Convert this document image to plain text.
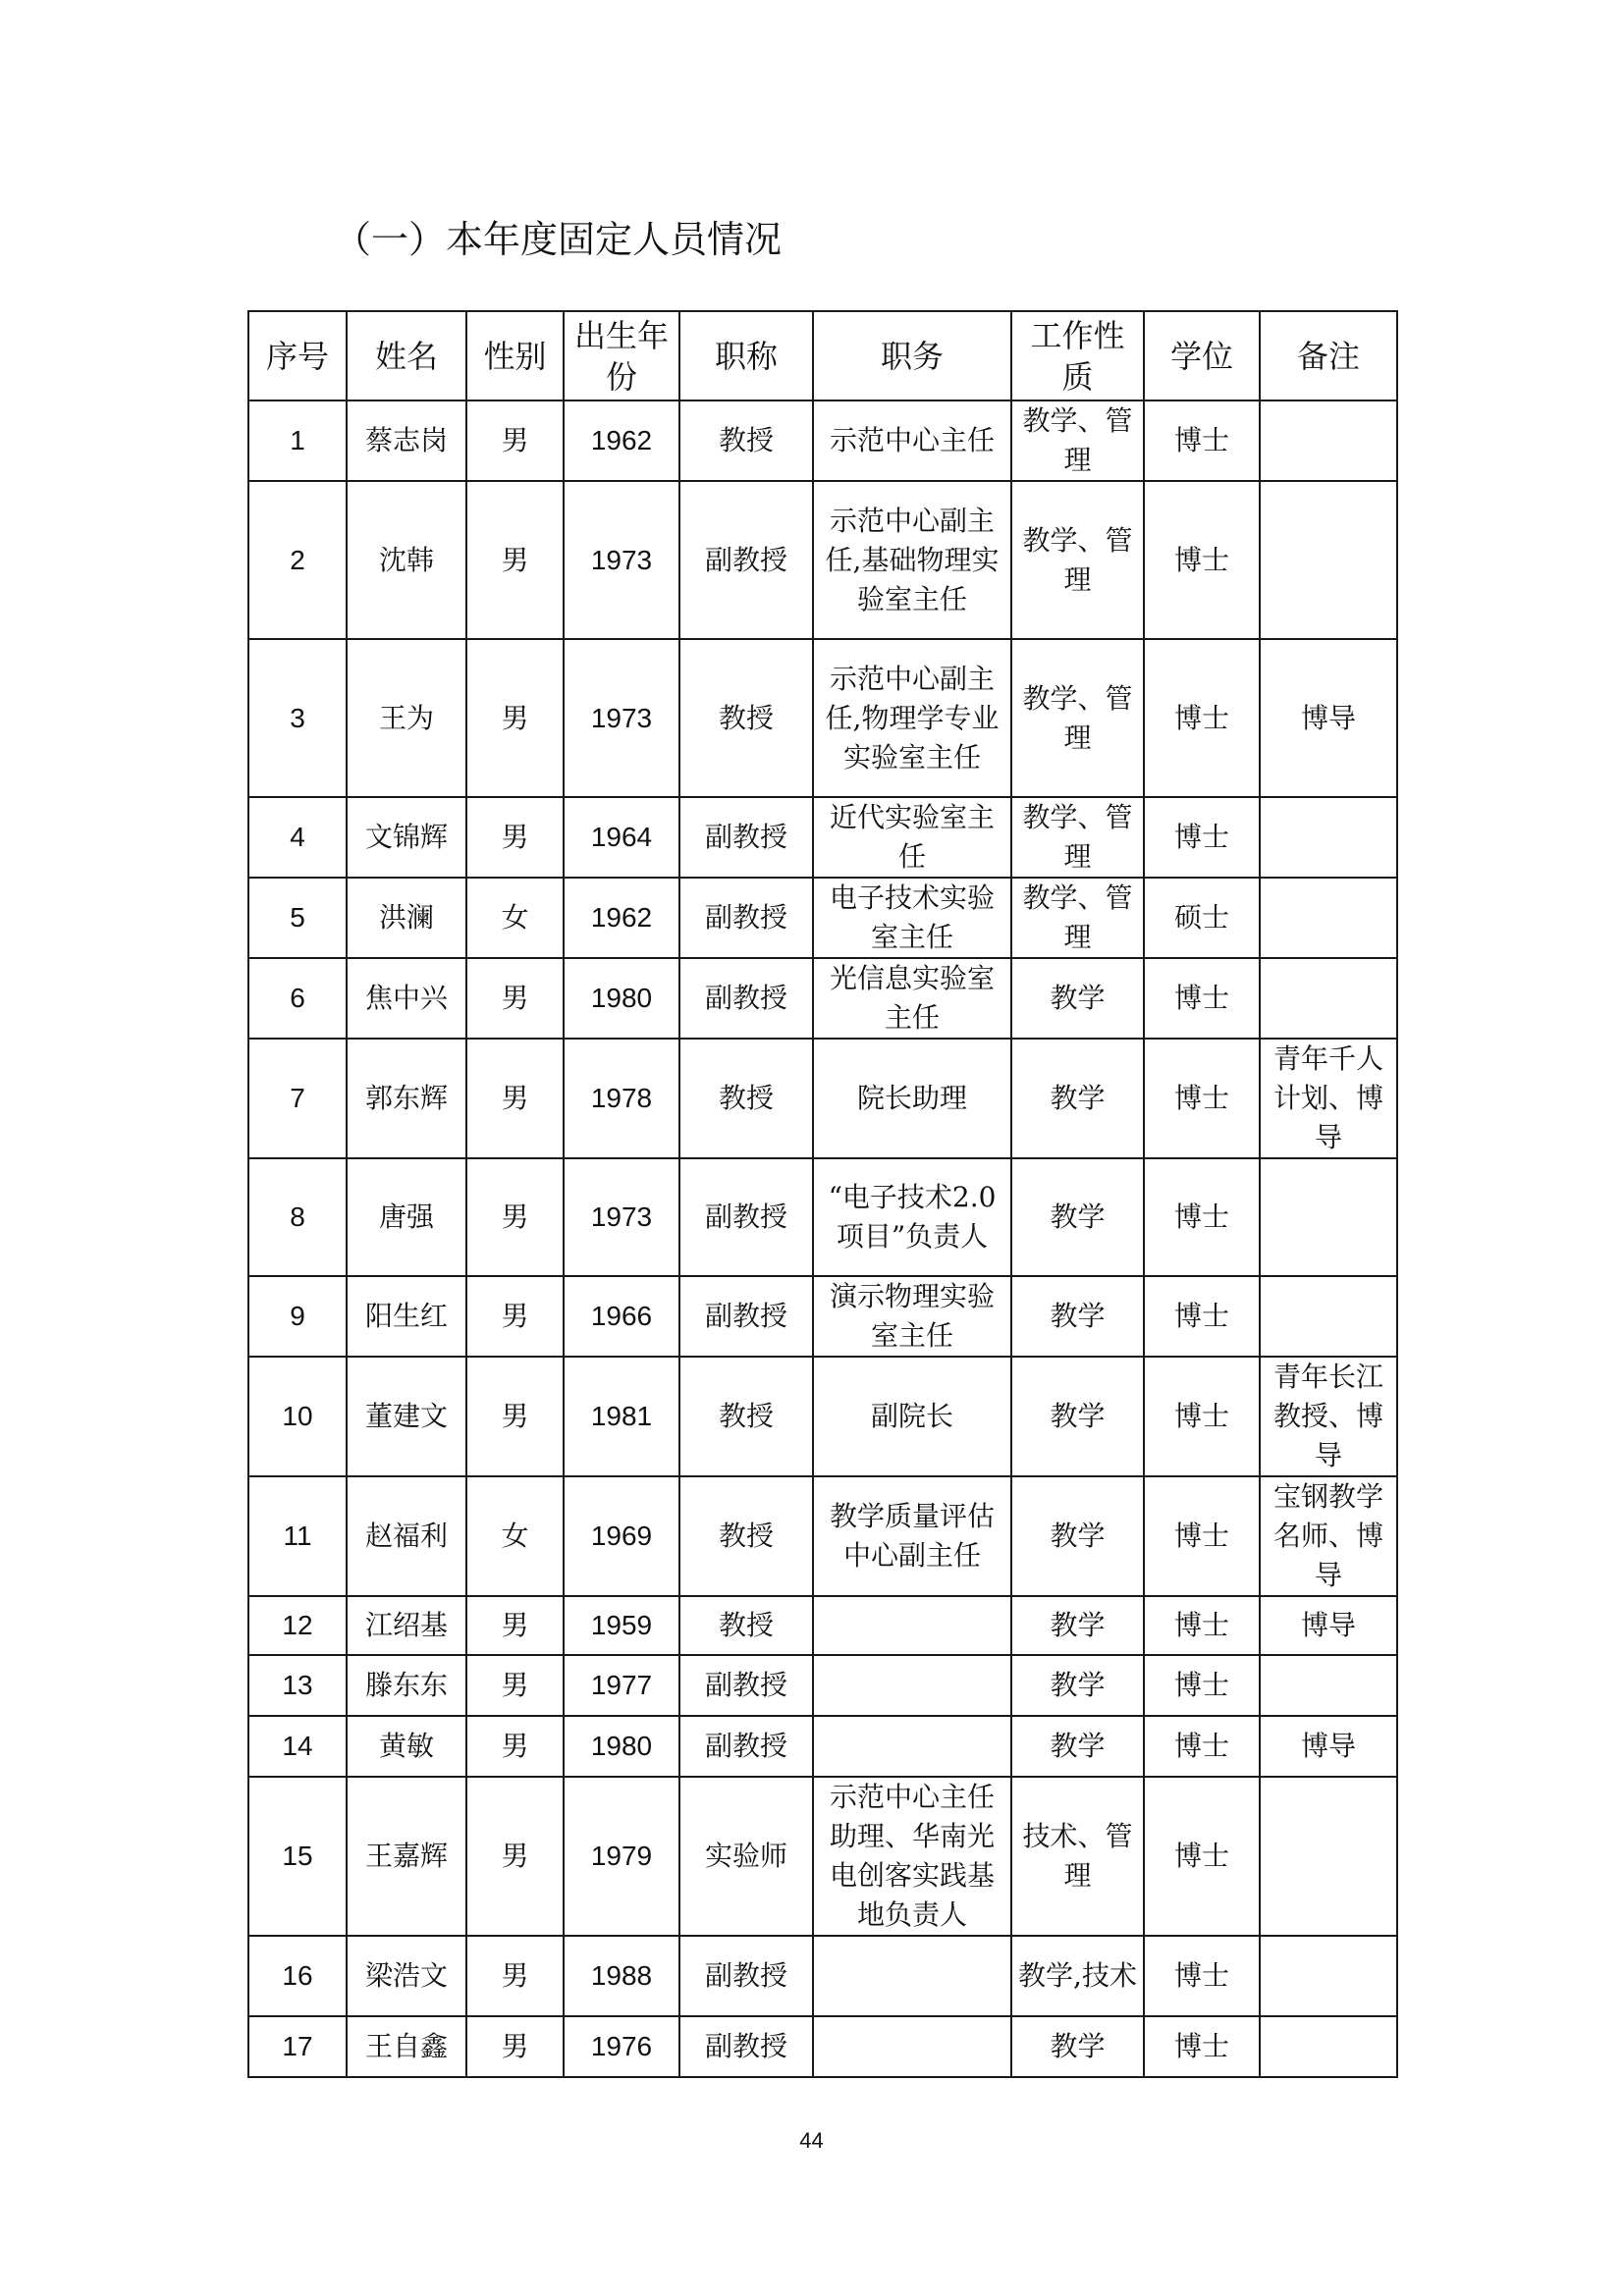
（一）本年度固定人员情况
序号	姓名	性别	出生年份	职称	职务	工作性质	学位	备注
1	蔡志岗	男	1962	教授	示范中心主任	教学、管理	博士	
2	沈韩	男	1973	副教授	示范中心副主任,基础物理实验室主任	教学、管理	博士	
3	王为	男	1973	教授	示范中心副主任,物理学专业实验室主任	教学、管理	博士	博导
4	文锦辉	男	1964	副教授	近代实验室主任	教学、管理	博士	
5	洪澜	女	1962	副教授	电子技术实验室主任	教学、管理	硕士	
6	焦中兴	男	1980	副教授	光信息实验室主任	教学	博士	
7	郭东辉	男	1978	教授	院长助理	教学	博士	青年千人计划、博导
8	唐强	男	1973	副教授	“电子技术2.0项目”负责人	教学	博士	
9	阳生红	男	1966	副教授	演示物理实验室主任	教学	博士	
10	董建文	男	1981	教授	副院长	教学	博士	青年长江教授、博导
11	赵福利	女	1969	教授	教学质量评估中心副主任	教学	博士	宝钢教学名师、博导
12	江绍基	男	1959	教授		教学	博士	博导
13	滕东东	男	1977	副教授		教学	博士	
14	黄敏	男	1980	副教授		教学	博士	博导
15	王嘉辉	男	1979	实验师	示范中心主任助理、华南光电创客实践基地负责人	技术、管理	博士	
16	梁浩文	男	1988	副教授		教学,技术	博士	
17	王自鑫	男	1976	副教授		教学	博士	
44
